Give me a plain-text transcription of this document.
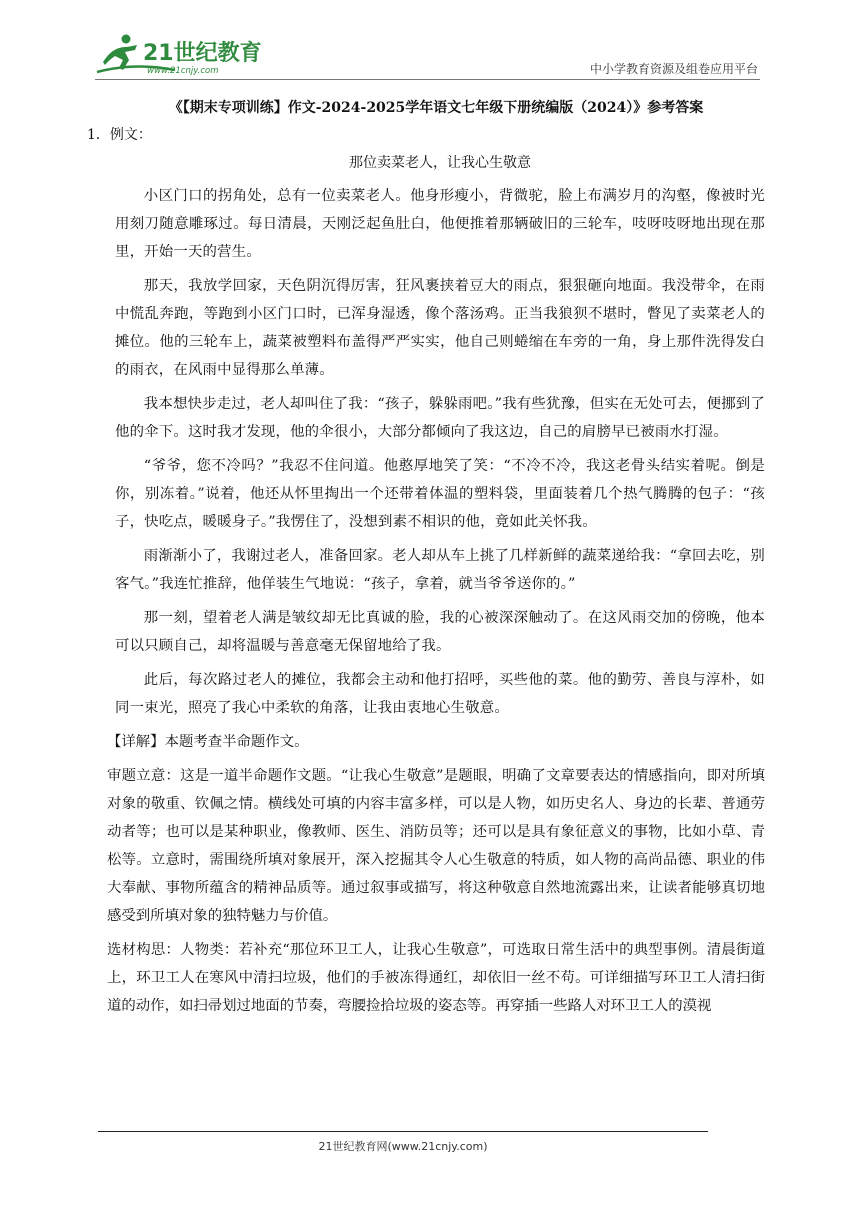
21世纪教育
www.21cnjy.com	中小学教育资源及组卷应用平台
《【期末专项训练】作文-2024-2025学年语文七年级下册统编版（2024）》参考答案
1．例文：
那位卖菜老人，让我心生敬意

小区门口的拐角处，总有一位卖菜老人。他身形瘦小，背微驼，脸上布满岁月的沟壑，像被时光用刻刀随意雕琢过。每日清晨，天刚泛起鱼肚白，他便推着那辆破旧的三轮车，吱呀吱呀地出现在那里，开始一天的营生。

那天，我放学回家，天色阴沉得厉害，狂风裹挟着豆大的雨点，狠狠砸向地面。我没带伞，在雨中慌乱奔跑，等跑到小区门口时，已浑身湿透，像个落汤鸡。正当我狼狈不堪时，瞥见了卖菜老人的摊位。他的三轮车上，蔬菜被塑料布盖得严严实实，他自己则蜷缩在车旁的一角，身上那件洗得发白的雨衣，在风雨中显得那么单薄。

我本想快步走过，老人却叫住了我：“孩子，躲躲雨吧。”我有些犹豫，但实在无处可去，便挪到了他的伞下。这时我才发现，他的伞很小，大部分都倾向了我这边，自己的肩膀早已被雨水打湿。

“爷爷，您不冷吗？”我忍不住问道。他憨厚地笑了笑：“不冷不冷，我这老骨头结实着呢。倒是你，别冻着。”说着，他还从怀里掏出一个还带着体温的塑料袋，里面装着几个热气腾腾的包子：“孩子，快吃点，暖暖身子。”我愣住了，没想到素不相识的他，竟如此关怀我。

雨渐渐小了，我谢过老人，准备回家。老人却从车上挑了几样新鲜的蔬菜递给我：“拿回去吃，别客气。”我连忙推辞，他佯装生气地说：“孩子，拿着，就当爷爷送你的。”

那一刻，望着老人满是皱纹却无比真诚的脸，我的心被深深触动了。在这风雨交加的傍晚，他本可以只顾自己，却将温暖与善意毫无保留地给了我。

此后，每次路过老人的摊位，我都会主动和他打招呼，买些他的菜。他的勤劳、善良与淳朴，如同一束光，照亮了我心中柔软的角落，让我由衷地心生敬意。

【详解】本题考查半命题作文。

审题立意：这是一道半命题作文题。“让我心生敬意”是题眼，明确了文章要表达的情感指向，即对所填对象的敬重、钦佩之情。横线处可填的内容丰富多样，可以是人物，如历史名人、身边的长辈、普通劳动者等；也可以是某种职业，像教师、医生、消防员等；还可以是具有象征意义的事物，比如小草、青松等。立意时，需围绕所填对象展开，深入挖掘其令人心生敬意的特质，如人物的高尚品德、职业的伟大奉献、事物所蕴含的精神品质等。通过叙事或描写，将这种敬意自然地流露出来，让读者能够真切地感受到所填对象的独特魅力与价值。

选材构思：人物类：若补充“那位环卫工人，让我心生敬意”，可选取日常生活中的典型事例。清晨街道上，环卫工人在寒风中清扫垃圾，他们的手被冻得通红，却依旧一丝不苟。可详细描写环卫工人清扫街道的动作，如扫帚划过地面的节奏，弯腰捡拾垃圾的姿态等。再穿插一些路人对环卫工人的漠视

21世纪教育网(www.21cnjy.com)
